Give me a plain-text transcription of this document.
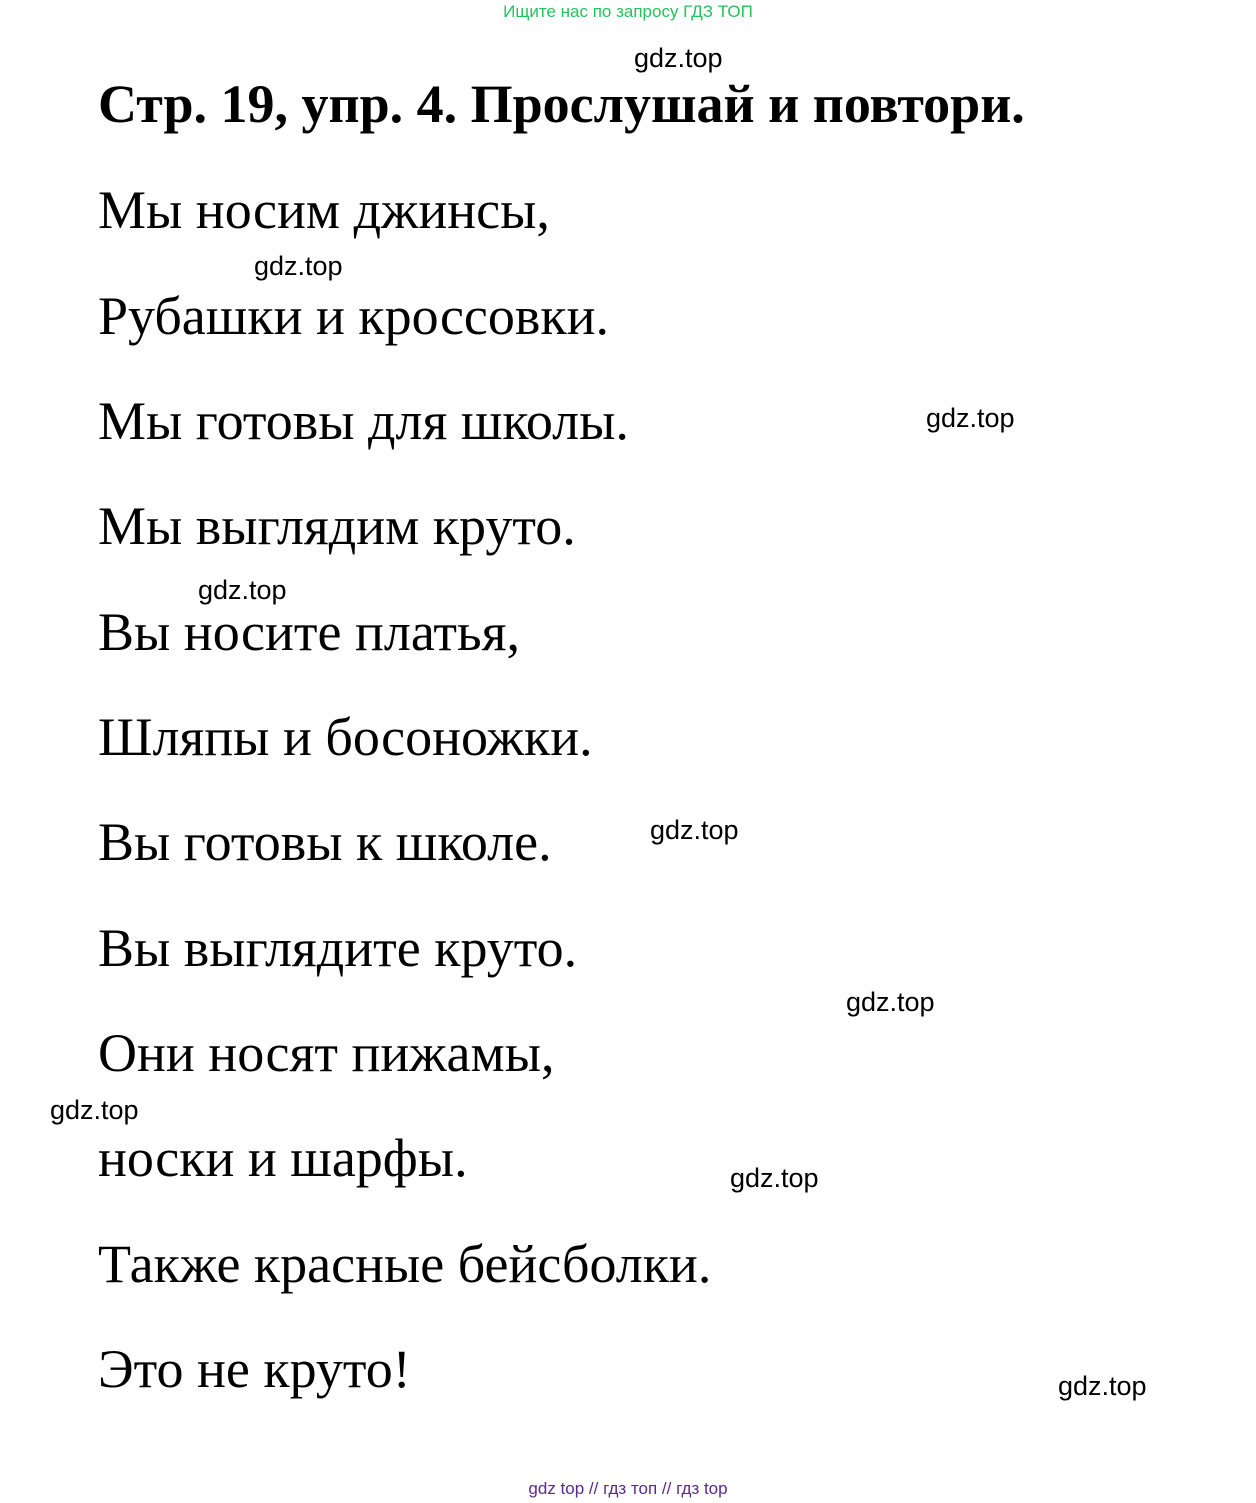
Ищите нас по запросу ГДЗ ТОП
gdz.top
Стр. 19, упр. 4. Прослушай и повтори.
Мы носим джинсы,
gdz.top
Рубашки и кроссовки.
Мы готовы для школы.	gdz.top
Мы выглядим круто.
gdz.top
Вы носите платья,
Шляпы и босоножки.
Вы готовы к школе.	gdz.top
Вы выглядите круто.
gdz.top
Они носят пижамы,
gdz.top
носки и шарфы.	gdz.top
Также красные бейсболки.
Это не круто!	gdz.top
gdz top // гдз топ // гдз top
